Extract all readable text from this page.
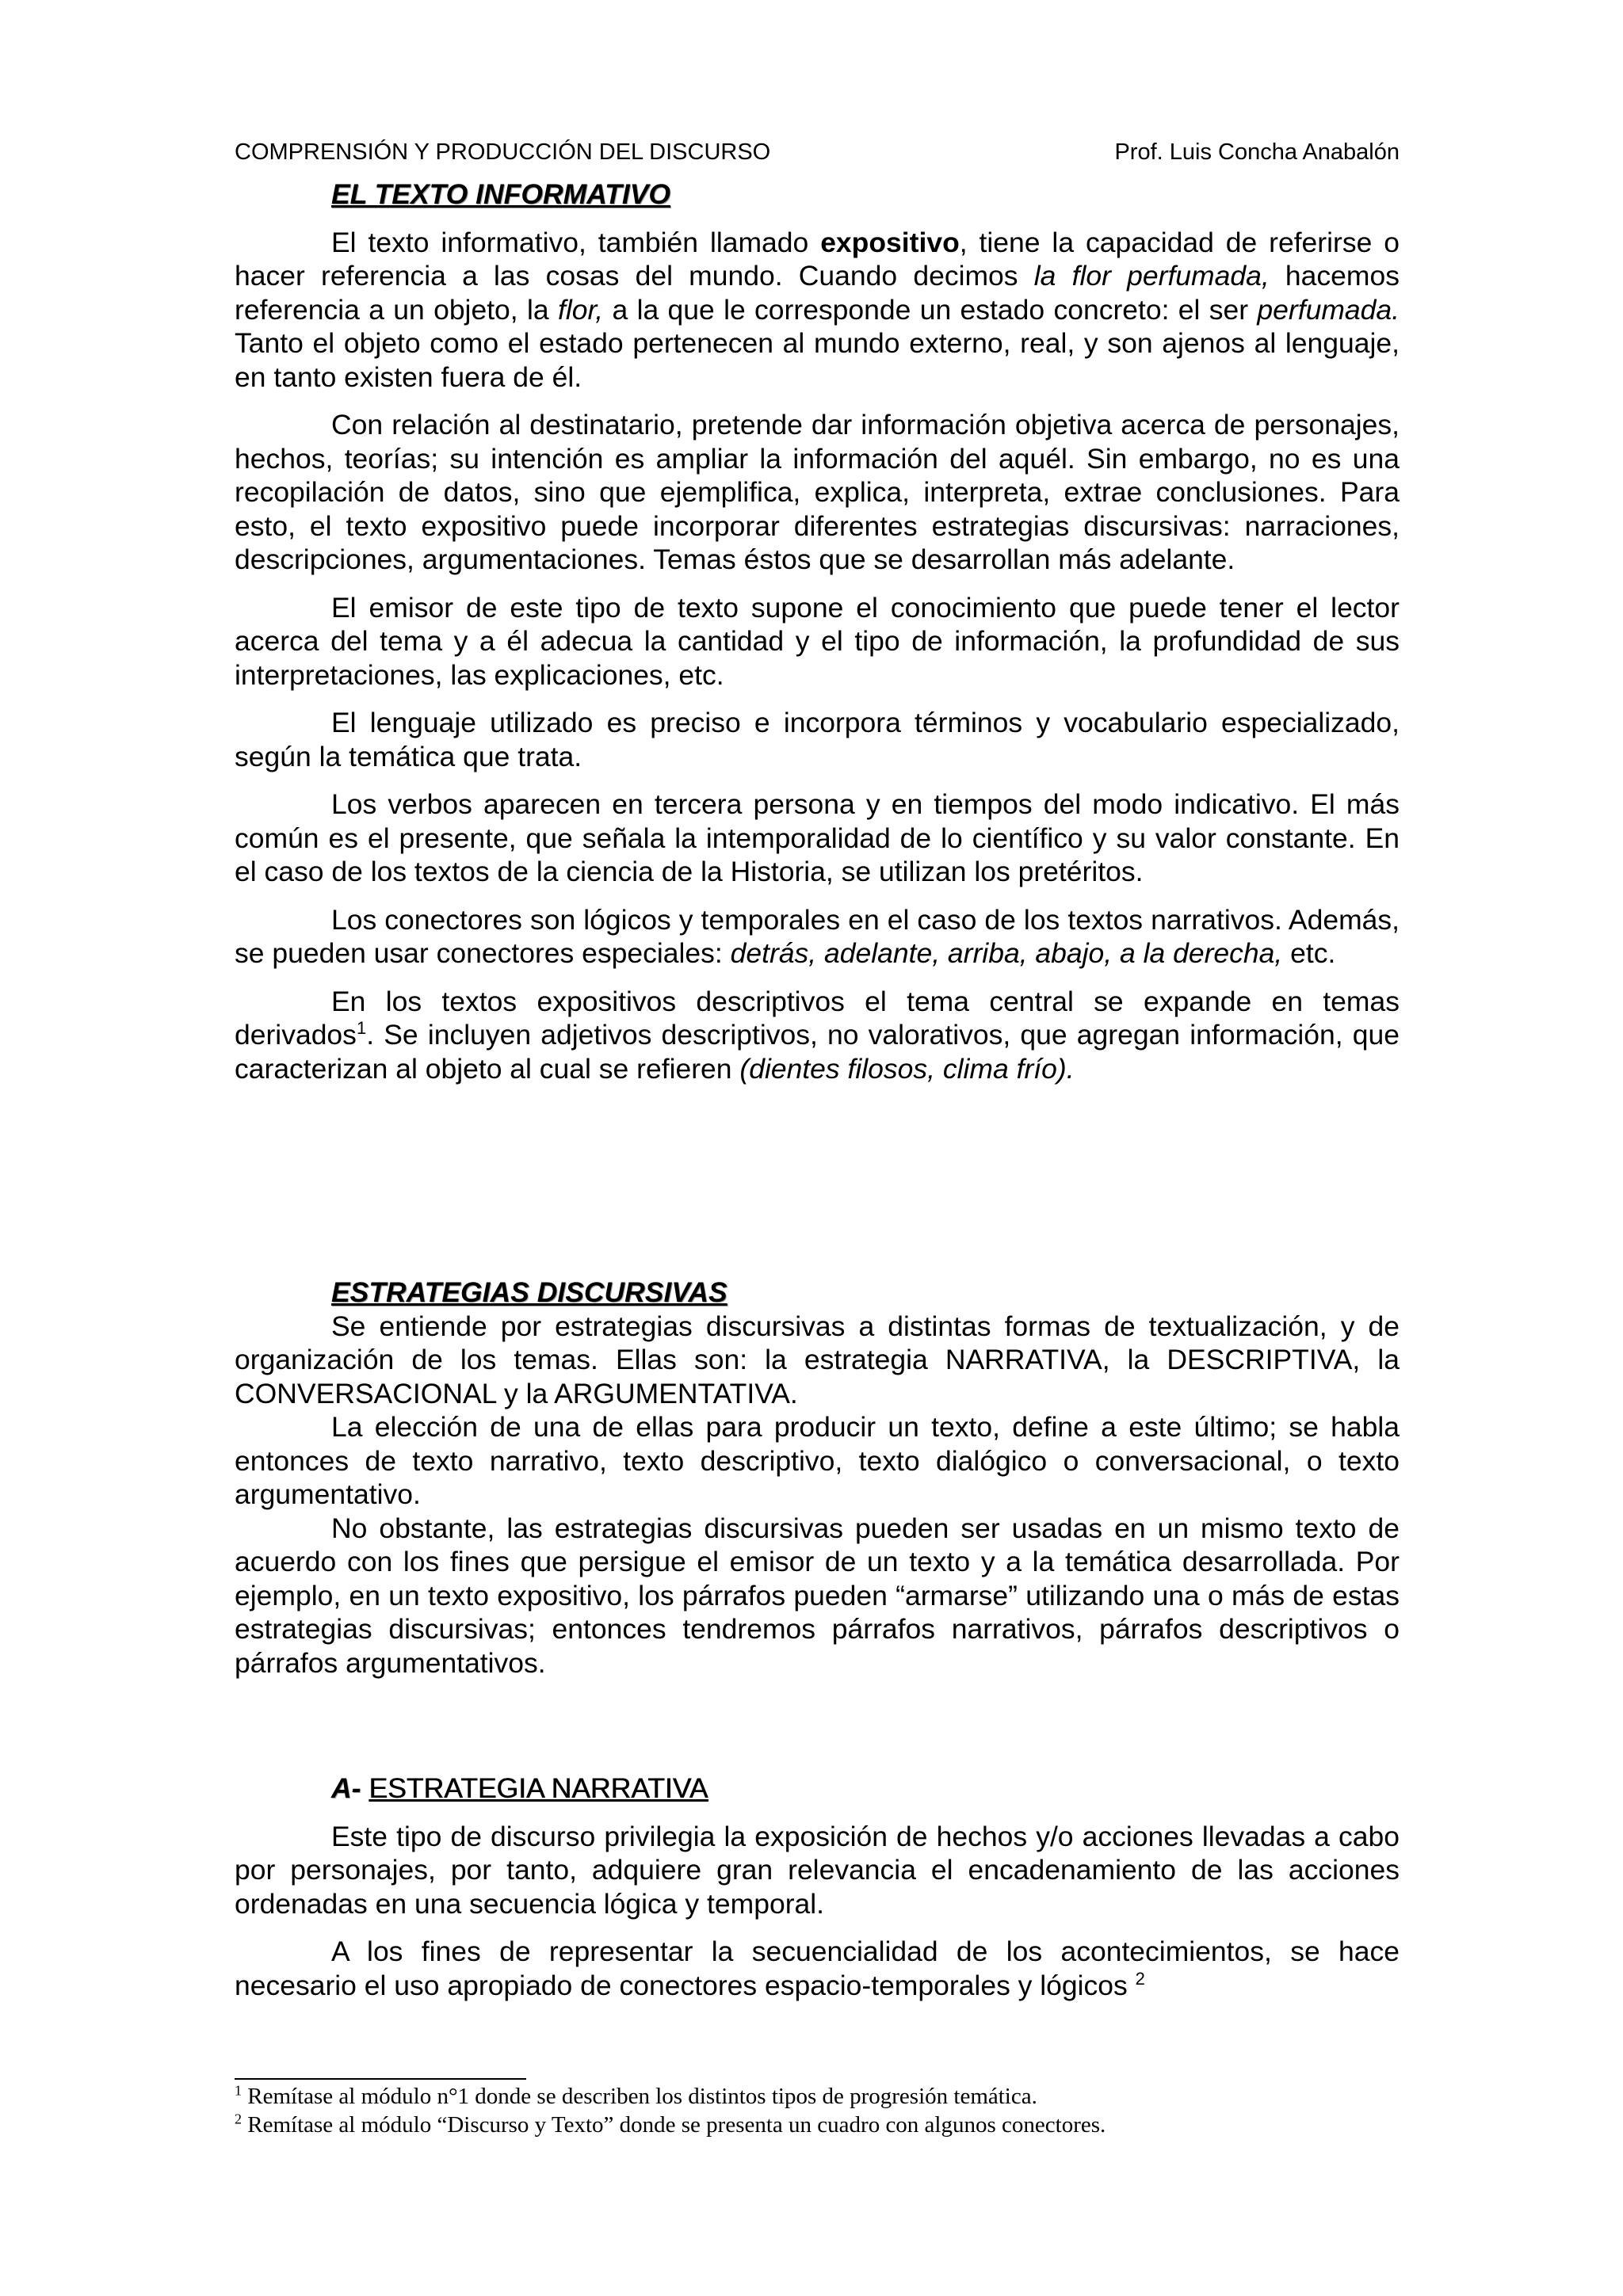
COMPRENSIÓN Y PRODUCCIÓN DEL DISCURSO	Prof. Luis Concha Anabalón

EL TEXTO INFORMATIVO

El texto informativo, también llamado expositivo, tiene la capacidad de referirse o hacer referencia a las cosas del mundo. Cuando decimos la flor perfumada, hacemos referencia a un objeto, la flor, a la que le corresponde un estado concreto: el ser perfumada. Tanto el objeto como el estado pertenecen al mundo externo, real, y son ajenos al lenguaje, en tanto existen fuera de él.

Con relación al destinatario, pretende dar información objetiva acerca de personajes, hechos, teorías; su intención es ampliar la información del aquél. Sin embargo, no es una recopilación de datos, sino que ejemplifica, explica, interpreta, extrae conclusiones. Para esto, el texto expositivo puede incorporar diferentes estrategias discursivas: narraciones, descripciones, argumentaciones. Temas éstos que se desarrollan más adelante.

El emisor de este tipo de texto supone el conocimiento que puede tener el lector acerca del tema y a él adecua la cantidad y el tipo de información, la profundidad de sus interpretaciones, las explicaciones, etc.

El lenguaje utilizado es preciso e incorpora términos y vocabulario especializado, según la temática que trata.

Los verbos aparecen en tercera persona y en tiempos del modo indicativo. El más común es el presente, que señala la intemporalidad de lo científico y su valor constante. En el caso de los textos de la ciencia de la Historia, se utilizan los pretéritos.

Los conectores son lógicos y temporales en el caso de los textos narrativos. Además, se pueden usar conectores especiales: detrás, adelante, arriba, abajo, a la derecha, etc.

En los textos expositivos descriptivos el tema central se expande en temas derivados$^1$. Se incluyen adjetivos descriptivos, no valorativos, que agregan información, que caracterizan al objeto al cual se refieren (dientes filosos, clima frío).

ESTRATEGIAS DISCURSIVAS

Se entiende por estrategias discursivas a distintas formas de textualización, y de organización de los temas. Ellas son: la estrategia NARRATIVA, la DESCRIPTIVA, la CONVERSACIONAL y la ARGUMENTATIVA.

La elección de una de ellas para producir un texto, define a este último; se habla entonces de texto narrativo, texto descriptivo, texto dialógico o conversacional, o texto argumentativo.

No obstante, las estrategias discursivas pueden ser usadas en un mismo texto de acuerdo con los fines que persigue el emisor de un texto y a la temática desarrollada. Por ejemplo, en un texto expositivo, los párrafos pueden “armarse” utilizando una o más de estas estrategias discursivas; entonces tendremos párrafos narrativos, párrafos descriptivos o párrafos argumentativos.

A- ESTRATEGIA NARRATIVA

Este tipo de discurso privilegia la exposición de hechos y/o acciones llevadas a cabo por personajes, por tanto, adquiere gran relevancia el encadenamiento de las acciones ordenadas en una secuencia lógica y temporal.

A los fines de representar la secuencialidad de los acontecimientos, se hace necesario el uso apropiado de conectores espacio-temporales y lógicos $^2$

$^1$ Remítase al módulo n°1 donde se describen los distintos tipos de progresión temática.
$^2$ Remítase al módulo “Discurso y Texto” donde se presenta un cuadro con algunos conectores.
